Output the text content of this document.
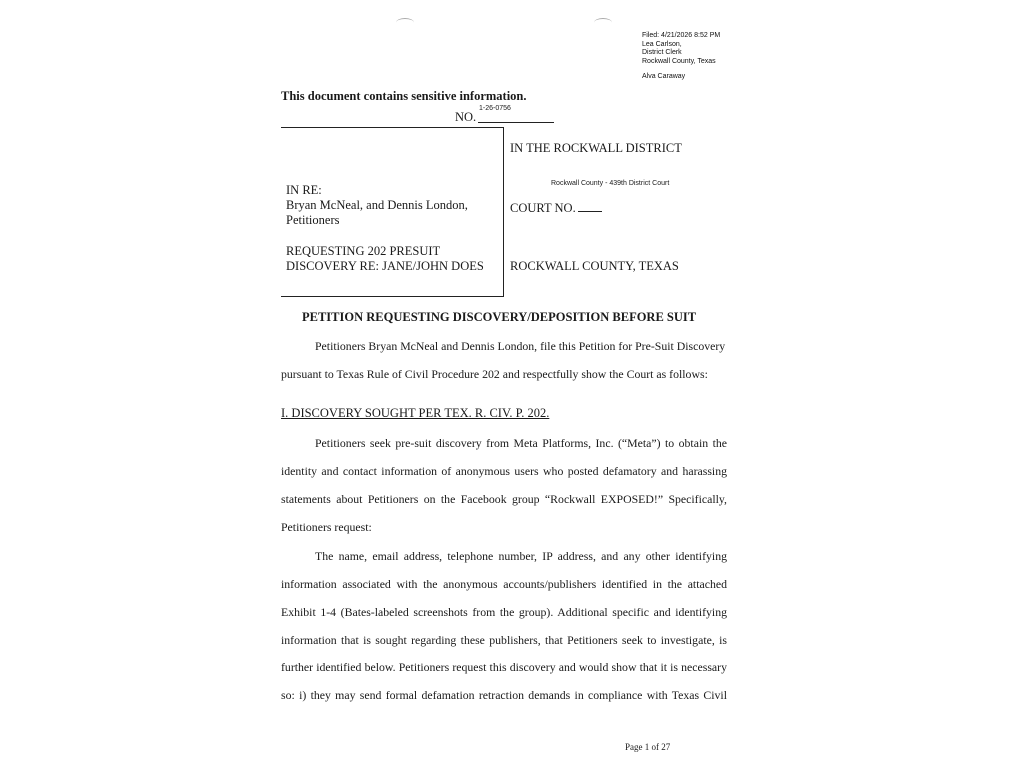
Filed: 4/21/2026 8:52 PM
Lea Carlson,
District Clerk
Rockwall County, Texas
Alva Caraway
This document contains sensitive information.
NO.
1-26-0756
IN RE:
Bryan McNeal, and Dennis London,
Petitioners
REQUESTING 202 PRESUIT
DISCOVERY RE: JANE/JOHN DOES
IN THE ROCKWALL DISTRICT
Rockwall County - 439th District Court
COURT NO.
ROCKWALL COUNTY, TEXAS
PETITION REQUESTING DISCOVERY/DEPOSITION BEFORE SUIT
Petitioners Bryan McNeal and Dennis London, file this Petition for Pre-Suit Discovery
pursuant to Texas Rule of Civil Procedure 202 and respectfully show the Court as follows:
I. DISCOVERY SOUGHT PER TEX. R. CIV. P. 202.
Petitioners seek pre-suit discovery from Meta Platforms, Inc. (“Meta”) to obtain the
identity and contact information of anonymous users who posted defamatory and harassing
statements about Petitioners on the Facebook group “Rockwall EXPOSED!” Specifically,
Petitioners request:
The name, email address, telephone number, IP address, and any other identifying
information associated with the anonymous accounts/publishers identified in the attached
Exhibit 1-4 (Bates-labeled screenshots from the group). Additional specific and identifying
information that is sought regarding these publishers, that Petitioners seek to investigate, is
further identified below. Petitioners request this discovery and would show that it is necessary
so: i) they may send formal defamation retraction demands in compliance with Texas Civil
Page 1 of 27
